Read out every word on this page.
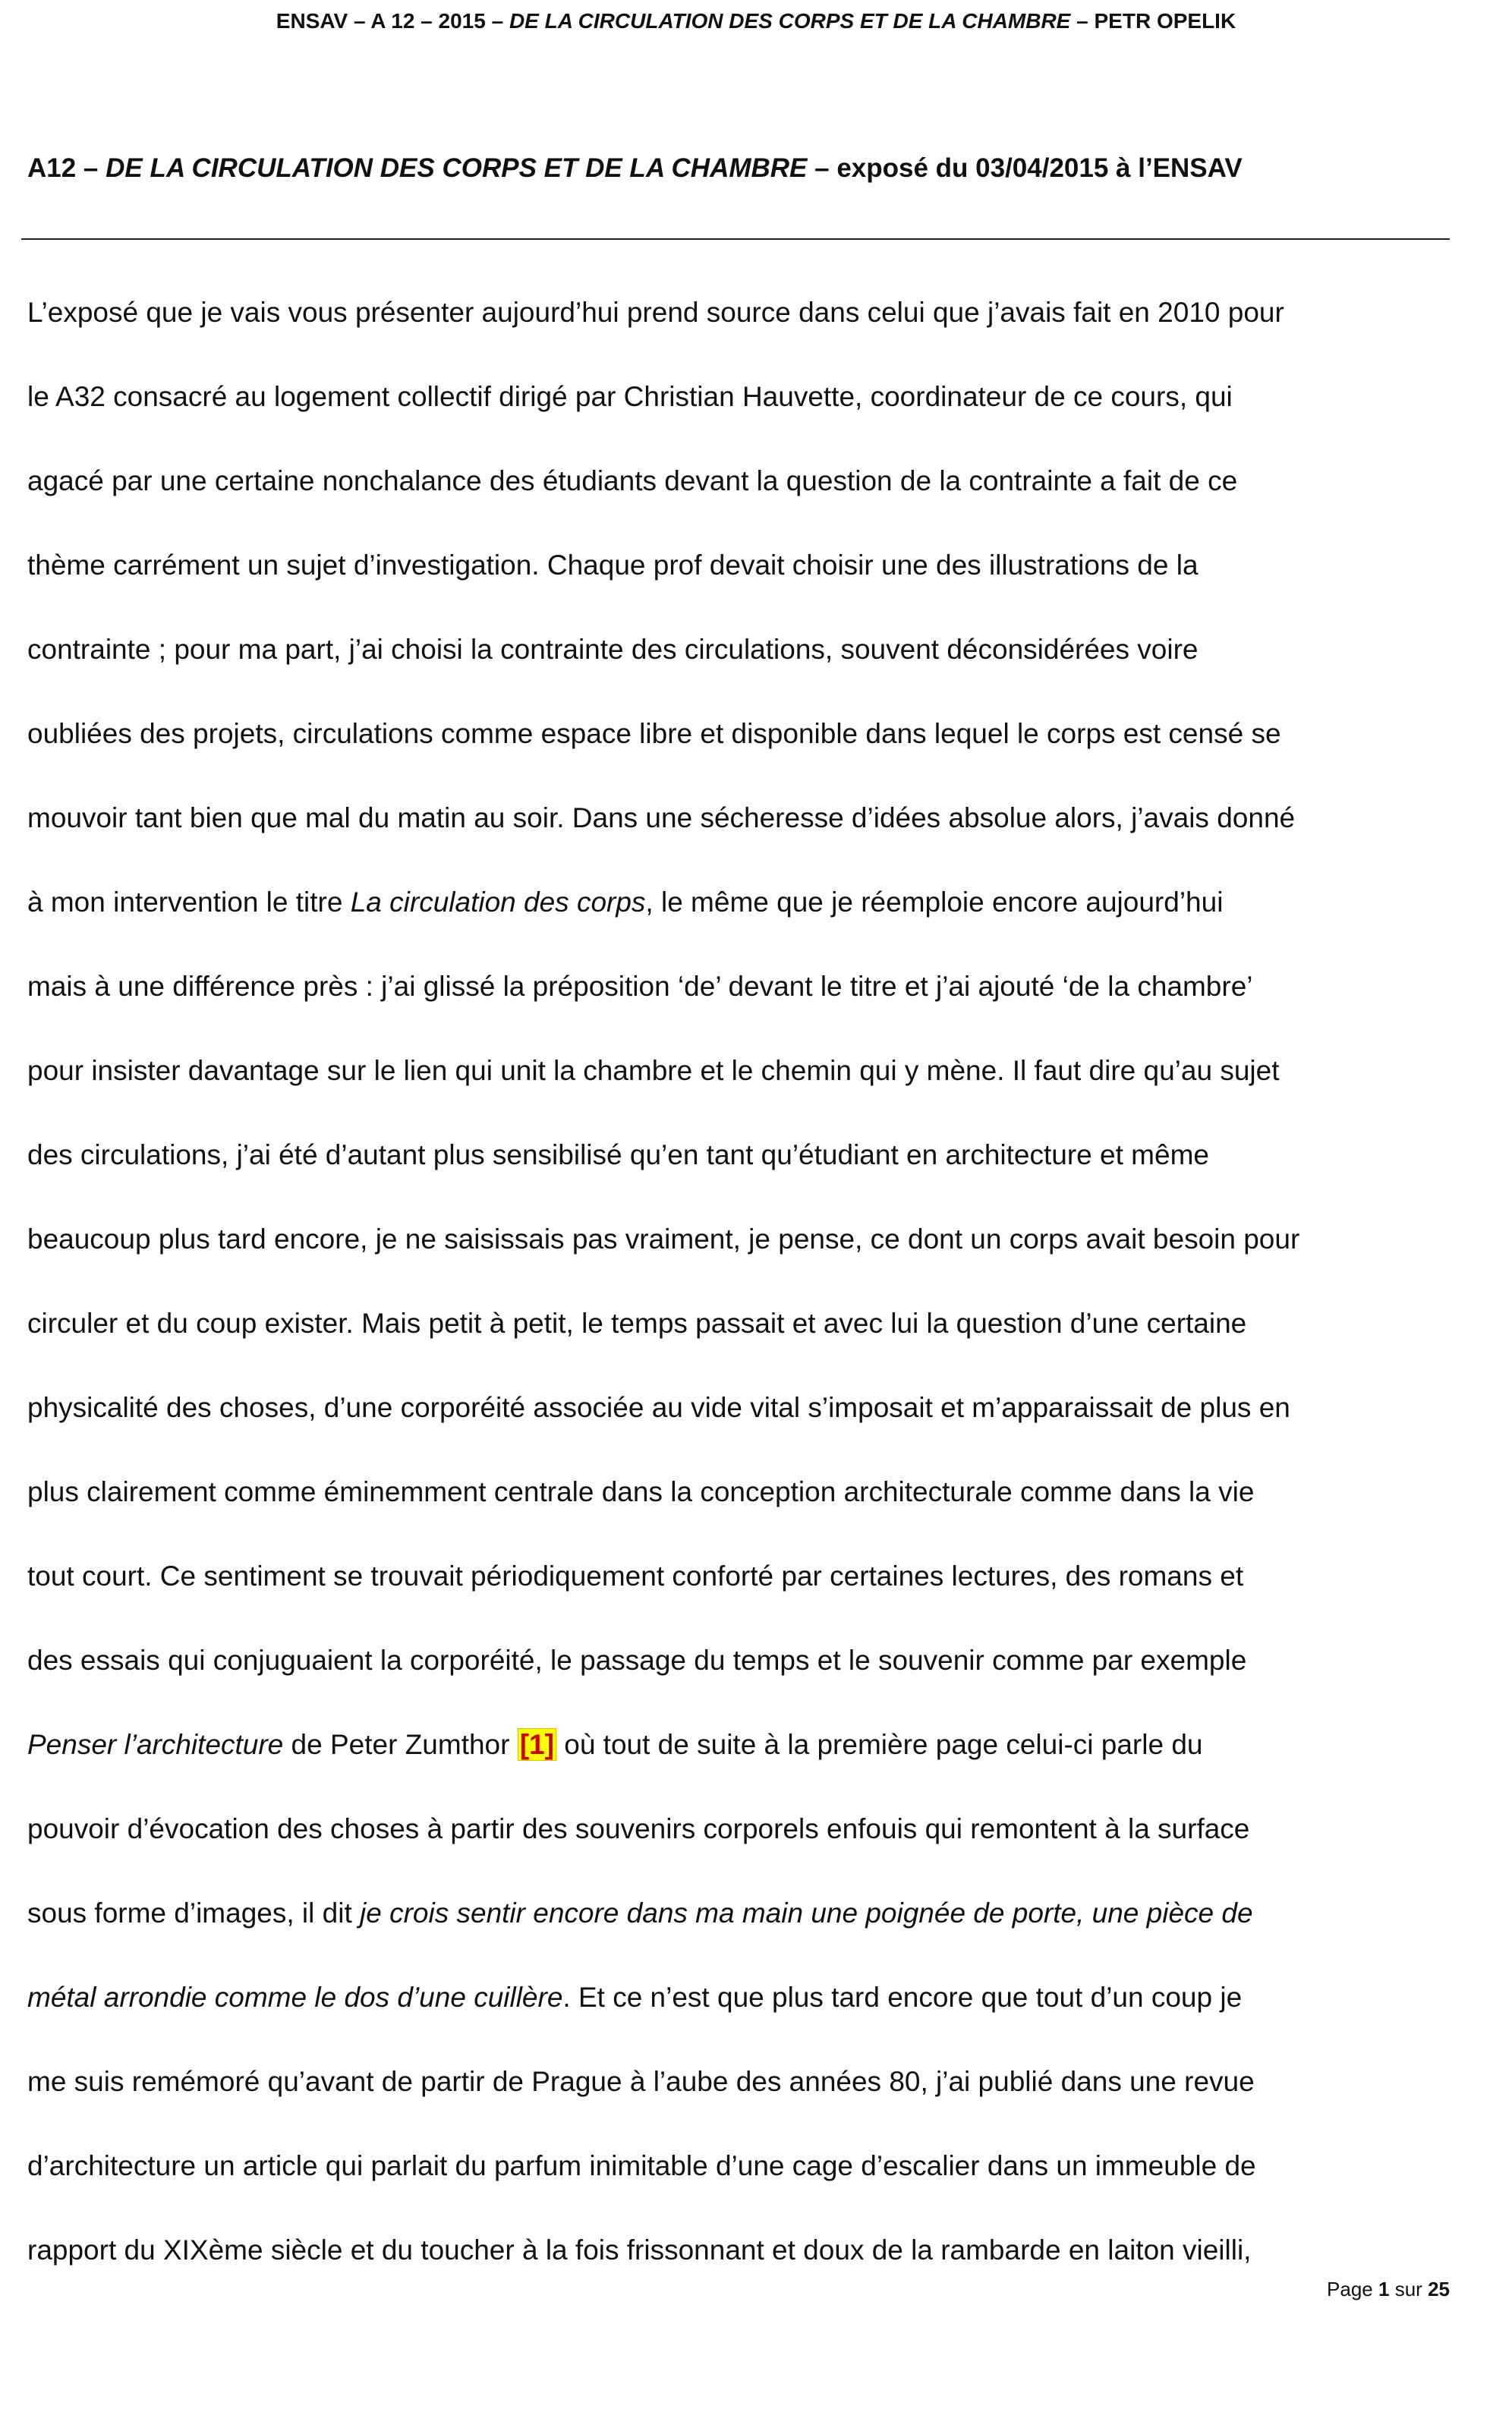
ENSAV – A 12 – 2015 – DE LA CIRCULATION DES CORPS ET DE LA CHAMBRE – PETR OPELIK
A12 – DE LA CIRCULATION DES CORPS ET DE LA CHAMBRE – exposé du 03/04/2015 à l’ENSAV
L’exposé que je vais vous présenter aujourd’hui prend source dans celui que j’avais fait en 2010 pour
le A32 consacré au logement collectif dirigé par Christian Hauvette, coordinateur de ce cours, qui
agacé par une certaine nonchalance des étudiants devant la question de la contrainte a fait de ce
thème carrément un sujet d’investigation. Chaque prof devait choisir une des illustrations de la
contrainte ; pour ma part, j’ai choisi la contrainte des circulations, souvent déconsidérées voire
oubliées des projets, circulations comme espace libre et disponible dans lequel le corps est censé se
mouvoir tant bien que mal du matin au soir. Dans une sécheresse d’idées absolue alors, j’avais donné
à mon intervention le titre La circulation des corps, le même que je réemploie encore aujourd’hui
mais à une différence près : j’ai glissé la préposition ‘de’ devant le titre et j’ai ajouté ‘de la chambre’
pour insister davantage sur le lien qui unit la chambre et le chemin qui y mène. Il faut dire qu’au sujet
des circulations, j’ai été d’autant plus sensibilisé qu’en tant qu’étudiant en architecture et même
beaucoup plus tard encore, je ne saisissais pas vraiment, je pense, ce dont un corps avait besoin pour
circuler et du coup exister. Mais petit à petit, le temps passait et avec lui la question d’une certaine
physicalité des choses, d’une corporéité associée au vide vital s’imposait et m’apparaissait de plus en
plus clairement comme éminemment centrale dans la conception architecturale comme dans la vie
tout court. Ce sentiment se trouvait périodiquement conforté par certaines lectures, des romans et
des essais qui conjuguaient la corporéité, le passage du temps et le souvenir comme par exemple
Penser l’architecture de Peter Zumthor [1] où tout de suite à la première page celui-ci parle du
pouvoir d’évocation des choses à partir des souvenirs corporels enfouis qui remontent à la surface
sous forme d’images, il dit je crois sentir encore dans ma main une poignée de porte, une pièce de
métal arrondie comme le dos d’une cuillère. Et ce n’est que plus tard encore que tout d’un coup je
me suis remémoré qu’avant de partir de Prague à l’aube des années 80, j’ai publié dans une revue
d’architecture un article qui parlait du parfum inimitable d’une cage d’escalier dans un immeuble de
rapport du XIXème siècle et du toucher à la fois frissonnant et doux de la rambarde en laiton vieilli,
Page 1 sur 25
